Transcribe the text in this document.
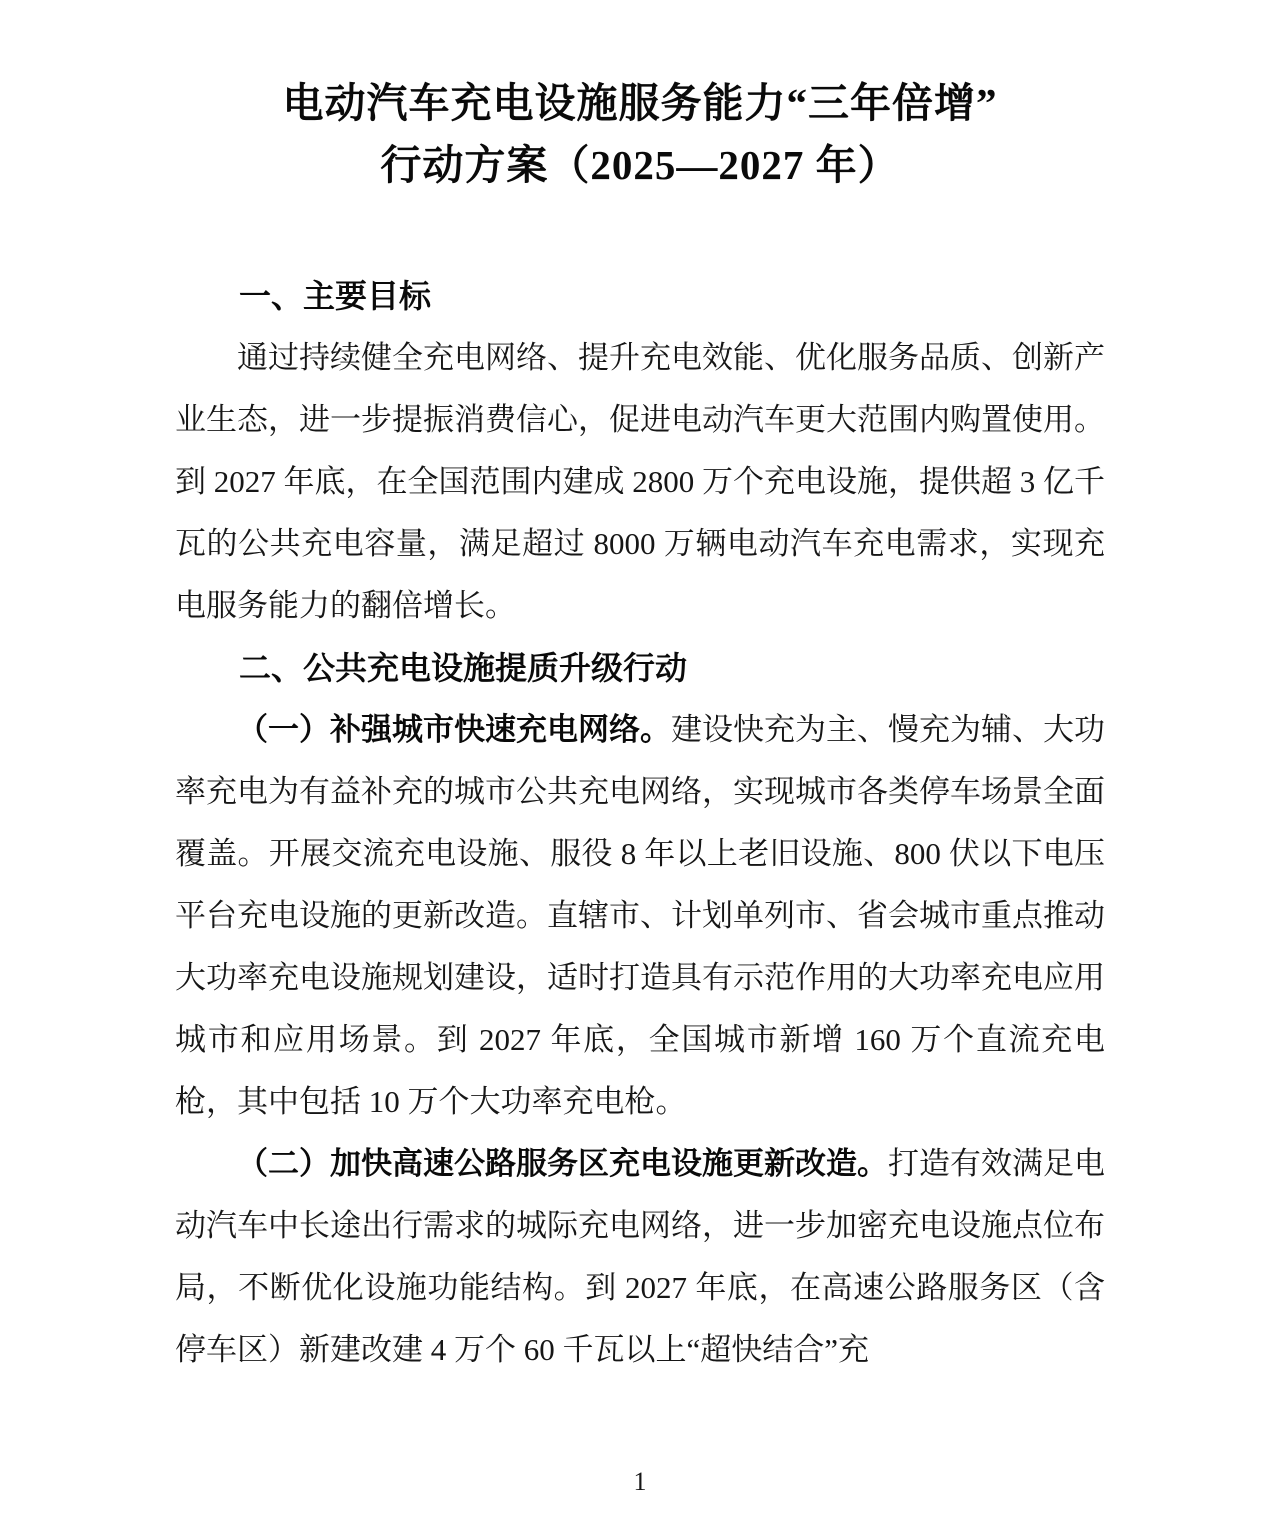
电动汽车充电设施服务能力“三年倍增”
行动方案（2025—2027 年）
一、主要目标

通过持续健全充电网络、提升充电效能、优化服务品质、创新产业生态，进一步提振消费信心，促进电动汽车更大范围内购置使用。到 2027 年底，在全国范围内建成 2800 万个充电设施，提供超 3 亿千瓦的公共充电容量，满足超过 8000 万辆电动汽车充电需求，实现充电服务能力的翻倍增长。

二、公共充电设施提质升级行动

（一）补强城市快速充电网络。建设快充为主、慢充为辅、大功率充电为有益补充的城市公共充电网络，实现城市各类停车场景全面覆盖。开展交流充电设施、服役 8 年以上老旧设施、800 伏以下电压平台充电设施的更新改造。直辖市、计划单列市、省会城市重点推动大功率充电设施规划建设，适时打造具有示范作用的大功率充电应用城市和应用场景。到 2027 年底，全国城市新增 160 万个直流充电枪，其中包括 10 万个大功率充电枪。

（二）加快高速公路服务区充电设施更新改造。打造有效满足电动汽车中长途出行需求的城际充电网络，进一步加密充电设施点位布局，不断优化设施功能结构。到 2027 年底，在高速公路服务区（含停车区）新建改建 4 万个 60 千瓦以上“超快结合”充

1
